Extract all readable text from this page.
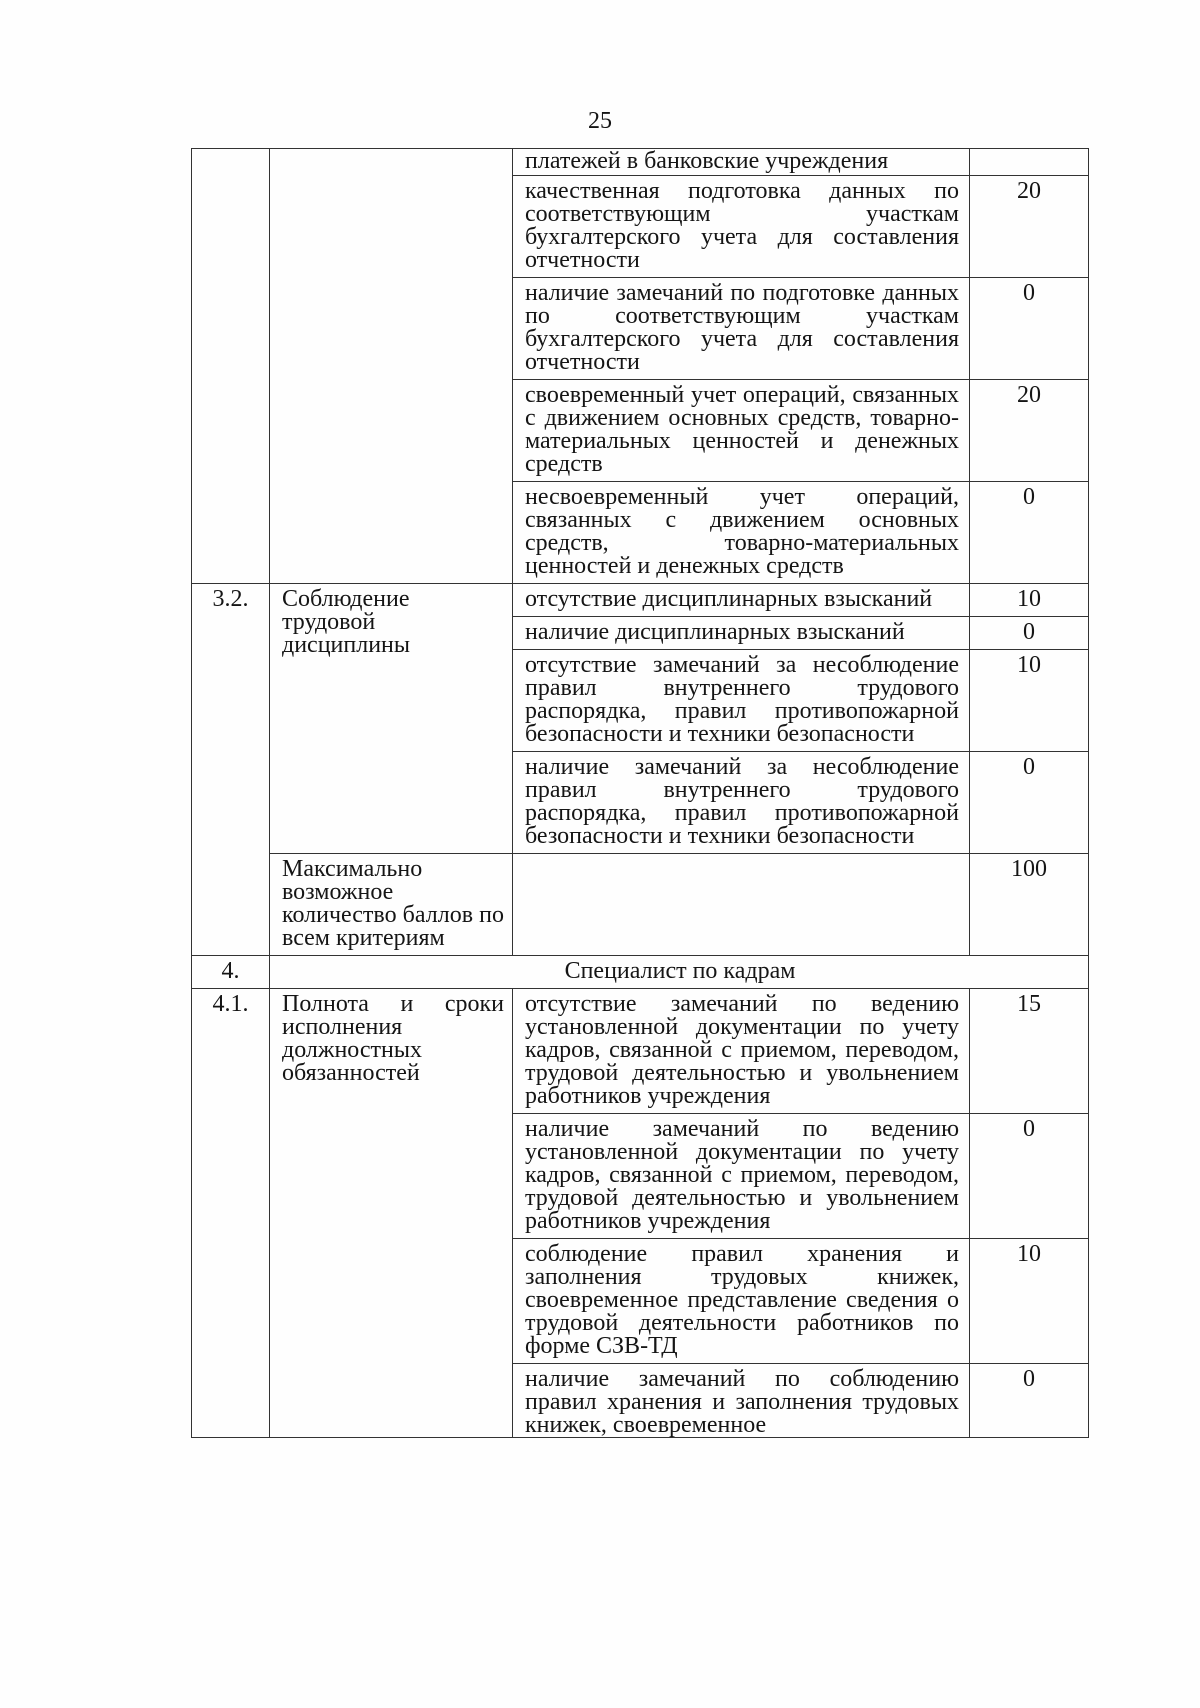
25
		платежей в банковские учреждения	
		качественная подготовка данных по соответствующим участкам бухгалтерского учета для составления отчетности	20
		наличие замечаний по подготовке данных по соответствующим участкам бухгалтерского учета для составления отчетности	0
		своевременный учет операций, связанных с движением основных средств, товарно-материальных ценностей и денежных средств	20
		несвоевременный учет операций, связанных с движением основных средств, товарно-материальных ценностей и денежных средств	0
3.2.	Соблюдение трудовой дисциплины	отсутствие дисциплинарных взысканий	10
		наличие дисциплинарных взысканий	0
		отсутствие замечаний за несоблюдение правил внутреннего трудового распорядка, правил противопожарной безопасности и техники безопасности	10
		наличие замечаний за несоблюдение правил внутреннего трудового распорядка, правил противопожарной безопасности и техники безопасности	0
	Максимально возможное количество баллов по всем критериям		100
4.	Специалист по кадрам		
4.1.	Полнота и сроки исполнения должностных обязанностей	отсутствие замечаний по ведению установленной документации по учету кадров, связанной с приемом, переводом, трудовой деятельностью и увольнением работников учреждения	15
		наличие замечаний по ведению установленной документации по учету кадров, связанной с приемом, переводом, трудовой деятельностью и увольнением работников учреждения	0
		соблюдение правил хранения и заполнения трудовых книжек, своевременное представление сведения о трудовой деятельности работников по форме СЗВ-ТД	10

		наличие замечаний по соблюдению правил хранения и заполнения трудовых книжек, своевременное	0
